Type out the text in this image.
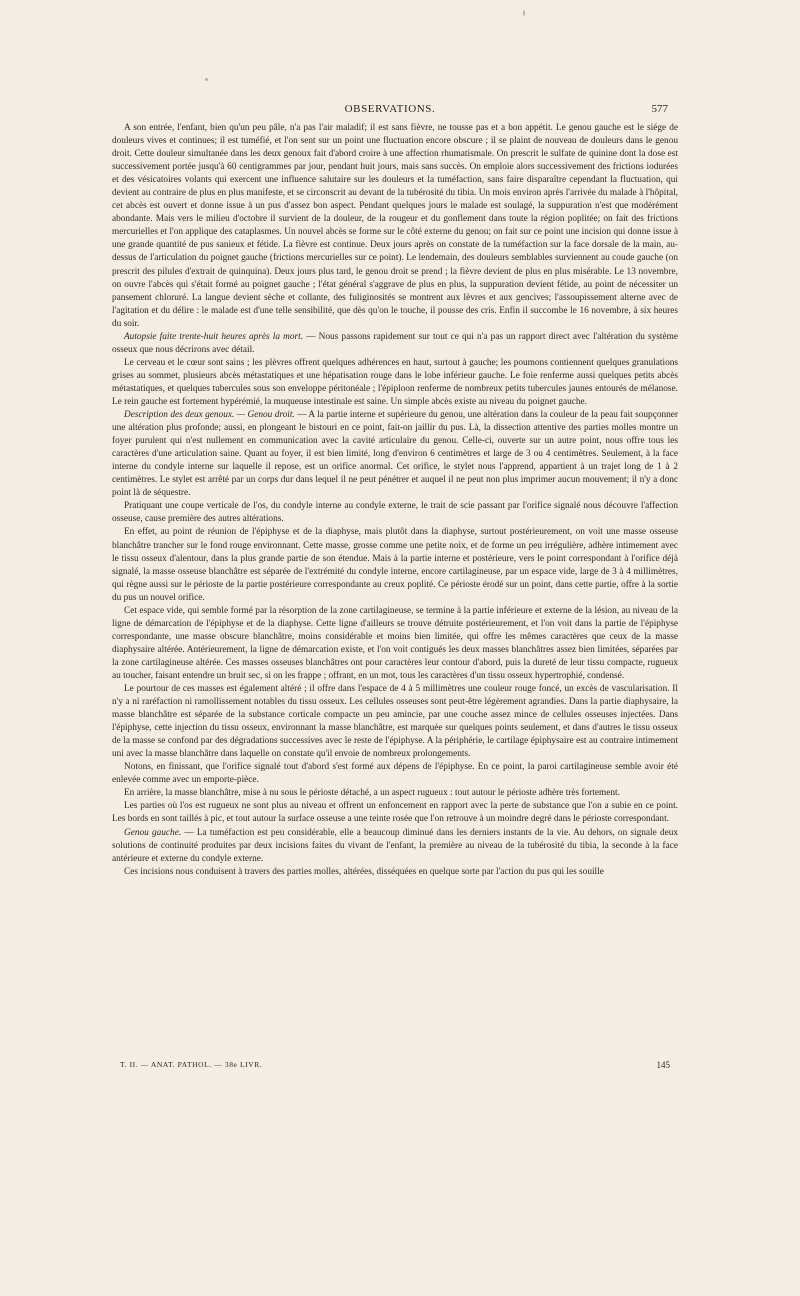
OBSERVATIONS.	577

A son entrée, l'enfant, bien qu'un peu pâle, n'a pas l'air maladif; il est sans fièvre, ne tousse pas et a bon appétit. Le genou gauche est le siége de douleurs vives et continues; il est tuméfié, et l'on sent sur un point une fluctuation encore obscure ; il se plaint de nouveau de douleurs dans le genou droit. Cette douleur simultanée dans les deux genoux fait d'abord croire à une affection rhumatismale. On prescrit le sulfate de quinine dont la dose est successivement portée jusqu'à 60 centigrammes par jour, pendant huit jours, mais sans succès. On emploie alors successivement des frictions iodurées et des vésicatoires volants qui exercent une influence salutaire sur les douleurs et la tuméfaction, sans faire disparaître cependant la fluctuation, qui devient au contraire de plus en plus manifeste, et se circonscrit au devant de la tubérosité du tibia. Un mois environ après l'arrivée du malade à l'hôpital, cet abcès est ouvert et donne issue à un pus d'assez bon aspect. Pendant quelques jours le malade est soulagé, la suppuration n'est que modérément abondante. Mais vers le milieu d'octobre il survient de la douleur, de la rougeur et du gonflement dans toute la région poplitée; on fait des frictions mercurielles et l'on applique des cataplasmes. Un nouvel abcès se forme sur le côté externe du genou; on fait sur ce point une incision qui donne issue à une grande quantité de pus sanieux et fétide. La fièvre est continue. Deux jours après on constate de la tuméfaction sur la face dorsale de la main, au-dessus de l'articulation du poignet gauche (frictions mercurielles sur ce point). Le lendemain, des douleurs semblables surviennent au coude gauche (on prescrit des pilules d'extrait de quinquina). Deux jours plus tard, le genou droit se prend ; la fièvre devient de plus en plus misérable. Le 13 novembre, on ouvre l'abcès qui s'était formé au poignet gauche ; l'état général s'aggrave de plus en plus, la suppuration devient fétide, au point de nécessiter un pansement chloruré. La langue devient sèche et collante, des fuliginosités se montrent aux lèvres et aux gencives; l'assoupissement alterne avec de l'agitation et du délire : le malade est d'une telle sensibilité, que dès qu'on le touche, il pousse des cris. Enfin il succombe le 16 novembre, à six heures du soir.

Autopsie faite trente-huit heures après la mort. — Nous passons rapidement sur tout ce qui n'a pas un rapport direct avec l'altération du système osseux que nous décrirons avec détail.

Le cerveau et le cœur sont sains ; les plèvres offrent quelques adhérences en haut, surtout à gauche; les poumons contiennent quelques granulations grises au sommet, plusieurs abcès métastatiques et une hépatisation rouge dans le lobe inférieur gauche. Le foie renferme aussi quelques petits abcès métastatiques, et quelques tubercules sous son enveloppe péritonéale ; l'épiploon renferme de nombreux petits tubercules jaunes entourés de mélanose. Le rein gauche est fortement hypérémié, la muqueuse intestinale est saine. Un simple abcès existe au niveau du poignet gauche.

Description des deux genoux. — Genou droit. — A la partie interne et supérieure du genou, une altération dans la couleur de la peau fait soupçonner une altération plus profonde; aussi, en plongeant le bistouri en ce point, fait-on jaillir du pus. Là, la dissection attentive des parties molles montre un foyer purulent qui n'est nullement en communication avec la cavité articulaire du genou. Celle-ci, ouverte sur un autre point, nous offre tous les caractères d'une articulation saine. Quant au foyer, il est bien limité, long d'environ 6 centimètres et large de 3 ou 4 centimètres. Seulement, à la face interne du condyle interne sur laquelle il repose, est un orifice anormal. Cet orifice, le stylet nous l'apprend, appartient à un trajet long de 1 à 2 centimètres. Le stylet est arrêté par un corps dur dans lequel il ne peut pénétrer et auquel il ne peut non plus imprimer aucun mouvement; il n'y a donc point là de séquestre.

Pratiquant une coupe verticale de l'os, du condyle interne au condyle externe, le trait de scie passant par l'orifice signalé nous découvre l'affection osseuse, cause première des autres altérations.

En effet, au point de réunion de l'épiphyse et de la diaphyse, mais plutôt dans la diaphyse, surtout postérieurement, on voit une masse osseuse blanchâtre trancher sur le fond rouge environnant. Cette masse, grosse comme une petite noix, et de forme un peu irrégulière, adhère intimement avec le tissu osseux d'alentour, dans la plus grande partie de son étendue. Mais à la partie interne et postérieure, vers le point correspondant à l'orifice déjà signalé, la masse osseuse blanchâtre est séparée de l'extrémité du condyle interne, encore cartilagineuse, par un espace vide, large de 3 à 4 millimètres, qui règne aussi sur le périoste de la partie postérieure correspondante au creux poplité. Ce périoste érodé sur un point, dans cette partie, offre à la sortie du pus un nouvel orifice.

Cet espace vide, qui semble formé par la résorption de la zone cartilagineuse, se termine à la partie inférieure et externe de la lésion, au niveau de la ligne de démarcation de l'épiphyse et de la diaphyse. Cette ligne d'ailleurs se trouve détruite postérieurement, et l'on voit dans la partie de l'épiphyse correspondante, une masse obscure blanchâtre, moins considérable et moins bien limitée, qui offre les mêmes caractères que ceux de la masse diaphysaire altérée. Antérieurement, la ligne de démarcation existe, et l'on voit contigués les deux masses blanchâtres assez bien limitées, séparées par la zone cartilagineuse altérée. Ces masses osseuses blanchâtres ont pour caractères leur contour d'abord, puis la dureté de leur tissu compacte, rugueux au toucher, faisant entendre un bruit sec, si on les frappe ; offrant, en un mot, tous les caractères d'un tissu osseux hypertrophié, condensé.

Le pourtour de ces masses est également altéré ; il offre dans l'espace de 4 à 5 millimètres une couleur rouge foncé, un excès de vascularisation. Il n'y a ni raréfaction ni ramollissement notables du tissu osseux. Les cellules osseuses sont peut-être légèrement agrandies. Dans la partie diaphysaire, la masse blanchâtre est séparée de la substance corticale compacte un peu amincie, par une couche assez mince de cellules osseuses injectées. Dans l'épiphyse, cette injection du tissu osseux, environnant la masse blanchâtre, est marquée sur quelques points seulement, et dans d'autres le tissu osseux de la masse se confond par des dégradations successives avec le reste de l'épiphyse. A la périphérie, le cartilage épiphysaire est au contraire intimement uni avec la masse blanchâtre dans laquelle on constate qu'il envoie de nombreux prolongements.

Notons, en finissant, que l'orifice signalé tout d'abord s'est formé aux dépens de l'épiphyse. En ce point, la paroi cartilagineuse semble avoir été enlevée comme avec un emporte-pièce.

En arrière, la masse blanchâtre, mise à nu sous le périoste détaché, a un aspect rugueux : tout autour le périoste adhère très fortement.

Les parties où l'os est rugueux ne sont plus au niveau et offrent un enfoncement en rapport avec la perte de substance que l'on a subie en ce point. Les bords en sont taillés à pic, et tout autour la surface osseuse a une teinte rosée que l'on retrouve à un moindre degré dans le périoste correspondant.

Genou gauche. — La tuméfaction est peu considérable, elle a beaucoup diminué dans les derniers instants de la vie. Au dehors, on signale deux solutions de continuité produites par deux incisions faites du vivant de l'enfant, la première au niveau de la tubérosité du tibia, la seconde à la face antérieure et externe du condyle externe.

Ces incisions nous conduisent à travers des parties molles, altérées, disséquées en quelque sorte par l'action du pus qui les souille

T. II. — ANAT. PATHOL. — 38e LIVR.	145
